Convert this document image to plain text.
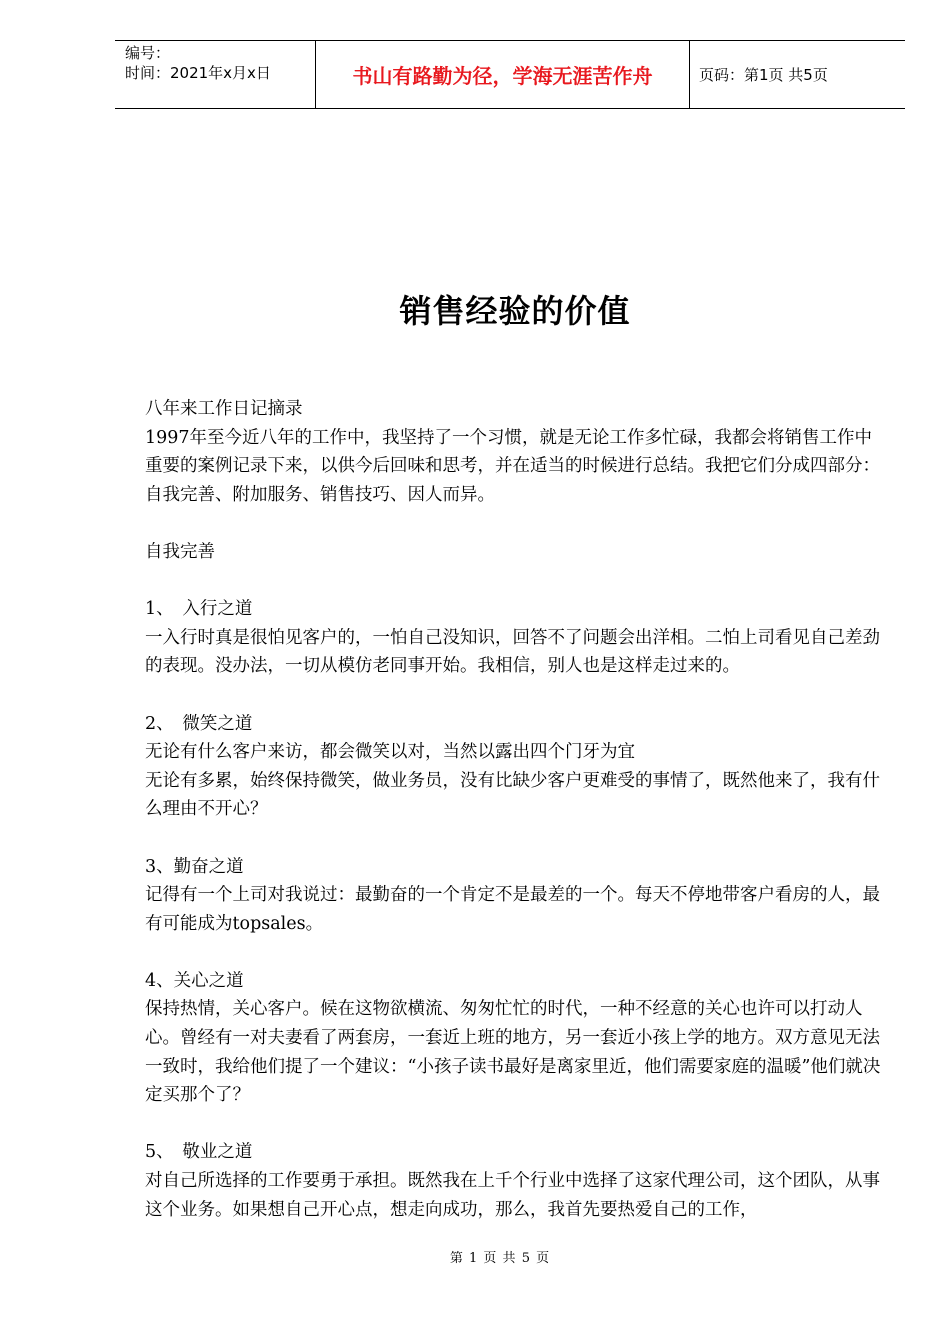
编号：
时间：2021年x月x日	书山有路勤为径，学海无涯苦作舟	页码：第1页 共5页
销售经验的价值

八年来工作日记摘录

1997年至今近八年的工作中，我坚持了一个习惯，就是无论工作多忙碌，我都会将销售工作中重要的案例记录下来，以供今后回味和思考，并在适当的时候进行总结。我把它们分成四部分：自我完善、附加服务、销售技巧、因人而异。

自我完善

1、　入行之道

一入行时真是很怕见客户的，一怕自己没知识，回答不了问题会出洋相。二怕上司看见自己差劲的表现。没办法，一切从模仿老同事开始。我相信，别人也是这样走过来的。

2、　微笑之道

无论有什么客户来访，都会微笑以对，当然以露出四个门牙为宜

无论有多累，始终保持微笑，做业务员，没有比缺少客户更难受的事情了，既然他来了，我有什么理由不开心？

3、勤奋之道

记得有一个上司对我说过：最勤奋的一个肯定不是最差的一个。每天不停地带客户看房的人，最有可能成为topsales。

4、关心之道

保持热情，关心客户。候在这物欲横流、匆匆忙忙的时代，一种不经意的关心也许可以打动人心。曾经有一对夫妻看了两套房，一套近上班的地方，另一套近小孩上学的地方。双方意见无法一致时，我给他们提了一个建议：“小孩子读书最好是离家里近，他们需要家庭的温暖”他们就决定买那个了？

5、　敬业之道

对自己所选择的工作要勇于承担。既然我在上千个行业中选择了这家代理公司，这个团队，从事这个业务。如果想自己开心点，想走向成功，那么，我首先要热爱自己的工作，

第 1 页 共 5 页
